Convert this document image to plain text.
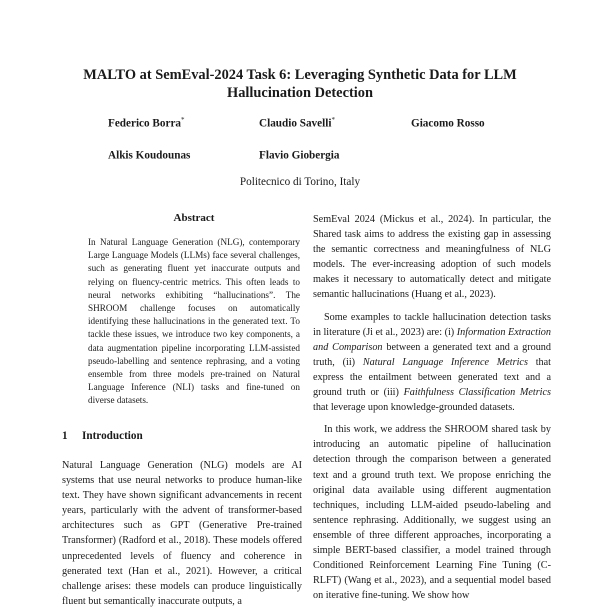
MALTO at SemEval-2024 Task 6: Leveraging Synthetic Data for LLM Hallucination Detection
Federico Borra*	Claudio Savelli*	Giacomo Rosso
Alkis Koudounas	Flavio Giobergia
Politecnico di Torino, Italy
Abstract
In Natural Language Generation (NLG), contemporary Large Language Models (LLMs) face several challenges, such as generating fluent yet inaccurate outputs and relying on fluency-centric metrics. This often leads to neural networks exhibiting “hallucinations”. The SHROOM challenge focuses on automatically identifying these hallucinations in the generated text. To tackle these issues, we introduce two key components, a data augmentation pipeline incorporating LLM-assisted pseudo-labelling and sentence rephrasing, and a voting ensemble from three models pre-trained on Natural Language Inference (NLI) tasks and fine-tuned on diverse datasets.
1 Introduction
Natural Language Generation (NLG) models are AI systems that use neural networks to produce human-like text. They have shown significant advancements in recent years, particularly with the advent of transformer-based architectures such as GPT (Generative Pre-trained Transformer) (Radford et al., 2018). These models offered unprecedented levels of fluency and coherence in generated text (Han et al., 2021). However, a critical challenge arises: these models can produce linguistically fluent but semantically inaccurate outputs, a

SemEval 2024 (Mickus et al., 2024). In particular, the Shared task aims to address the existing gap in assessing the semantic correctness and meaningfulness of NLG models. The ever-increasing adoption of such models makes it necessary to automatically detect and mitigate semantic hallucinations (Huang et al., 2023).

Some examples to tackle hallucination detection tasks in literature (Ji et al., 2023) are: (i) Information Extraction and Comparison between a generated text and a ground truth, (ii) Natural Language Inference Metrics that express the entailment between generated text and a ground truth or (iii) Faithfulness Classification Metrics that leverage upon knowledge-grounded datasets.

In this work, we address the SHROOM shared task by introducing an automatic pipeline of hallucination detection through the comparison between a generated text and a ground truth text. We propose enriching the original data available using different augmentation techniques, including LLM-aided pseudo-labeling and sentence rephrasing. Additionally, we suggest using an ensemble of three different approaches, incorporating a simple BERT-based classifier, a model trained through Conditioned Reinforcement Learning Fine Tuning (C-RLFT) (Wang et al., 2023), and a sequential model based on iterative fine-tuning. We show how
